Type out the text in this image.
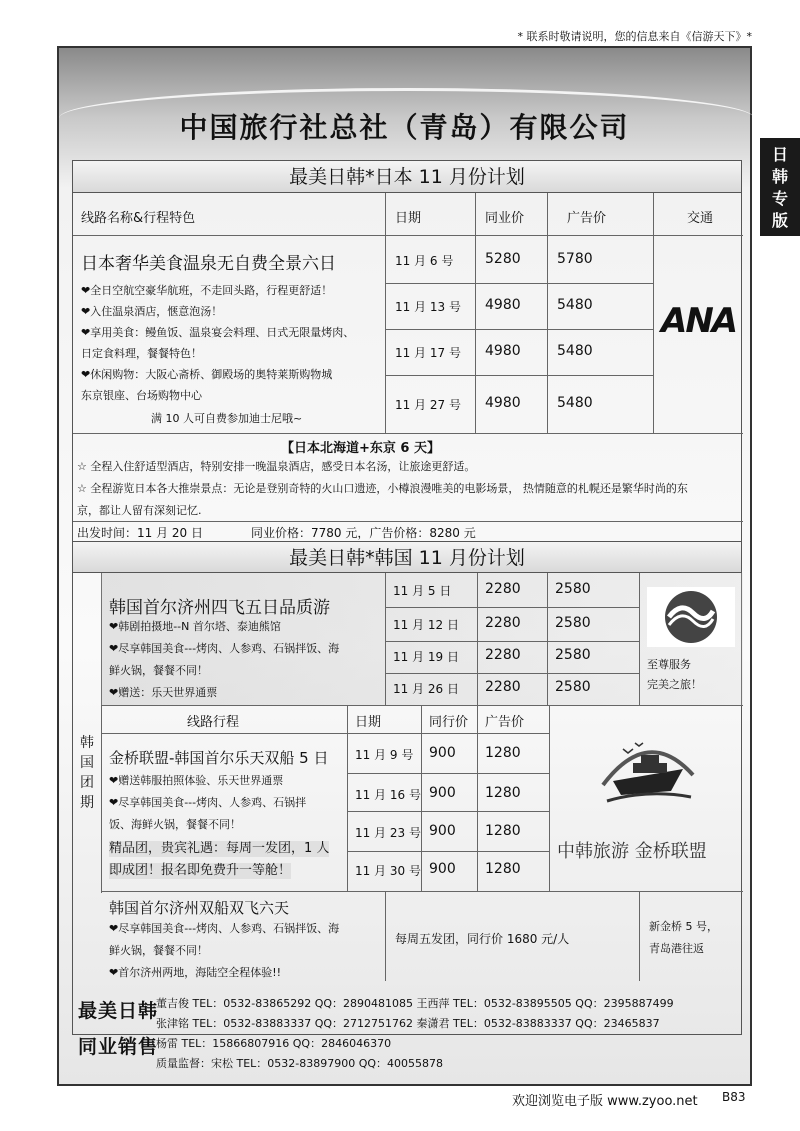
* 联系时敬请说明，您的信息来自《信游天下》*
中国旅行社总社（青岛）有限公司
日
韩
专
版
最美日韩*日本 11 月份计划
线路名称&行程特色	日期	同业价	广告价	交通
日本奢华美食温泉无自费全景六日
❤全日空航空豪华航班，不走回头路，行程更舒适！
❤入住温泉酒店，惬意泡汤！
❤享用美食：鳗鱼饭、温泉宴会料理、日式无限量烤肉、
日定食料理，餐餐特色！
❤休闲购物：大阪心斋桥、御殿场的奥特莱斯购物城
东京银座、台场购物中心
满 10 人可自费参加迪士尼哦~
11 月 6 号 5280	5780
11 月 13 号 4980	5480
11 月 17 号 4980	5480
11 月 27 号 4980	5480
ANA
【日本北海道+东京 6 天】
☆ 全程入住舒适型酒店，特别安排一晚温泉酒店，感受日本名汤，让旅途更舒适。
☆ 全程游览日本各大推崇景点：无论是登别奇特的火山口遗迹，小樽浪漫唯美的电影场景， 热情随意的札幌还是繁华时尚的东
京，都让人留有深刻记忆.
出发时间：11 月 20 日	同业价格：7780 元，广告价格：8280 元
最美日韩*韩国 11 月份计划
韩
国
团
期
韩国首尔济州四飞五日品质游
❤韩剧拍摄地--N 首尔塔、泰迪熊馆
❤尽享韩国美食---烤肉、人参鸡、石锅拌饭、海
鲜火锅，餐餐不同！
❤赠送：乐天世界通票
11 月 5 日 2280 2580
11 月 12 日 2280 2580
11 月 19 日 2280 2580
11 月 26 日 2280 2580
至尊服务
完美之旅！
线路行程	日期	同行价 广告价
金桥联盟-韩国首尔乐天双船 5 日
❤赠送韩服拍照体验、乐天世界通票
❤尽享韩国美食---烤肉、人参鸡、石锅拌
饭、海鲜火锅，餐餐不同！
精品团，贵宾礼遇：每周一发团，1 人
即成团！报名即免费升一等舱！
11 月 9 号 900 1280
11 月 16 号 900 1280
11 月 23 号 900 1280
11 月 30 号 900 1280
中韩旅游 金桥联盟
韩国首尔济州双船双飞六天
❤尽享韩国美食---烤肉、人参鸡、石锅拌饭、海
鲜火锅，餐餐不同！
❤首尔济州两地，海陆空全程体验!!
每周五发团，同行价 1680 元/人
新金桥 5 号，
青岛港往返
最美日韩
同业销售
董吉俊 TEL：0532-83865292 QQ：2890481085 王西萍 TEL：0532-83895505 QQ：2395887499
张津铭 TEL：0532-83883337 QQ：2712751762 秦潇君 TEL：0532-83883337 QQ：23465837
杨雷 TEL：15866807916 QQ：2846046370
质量监督：宋松 TEL：0532-83897900 QQ：40055878
欢迎浏览电子版 www.zyoo.net B83
